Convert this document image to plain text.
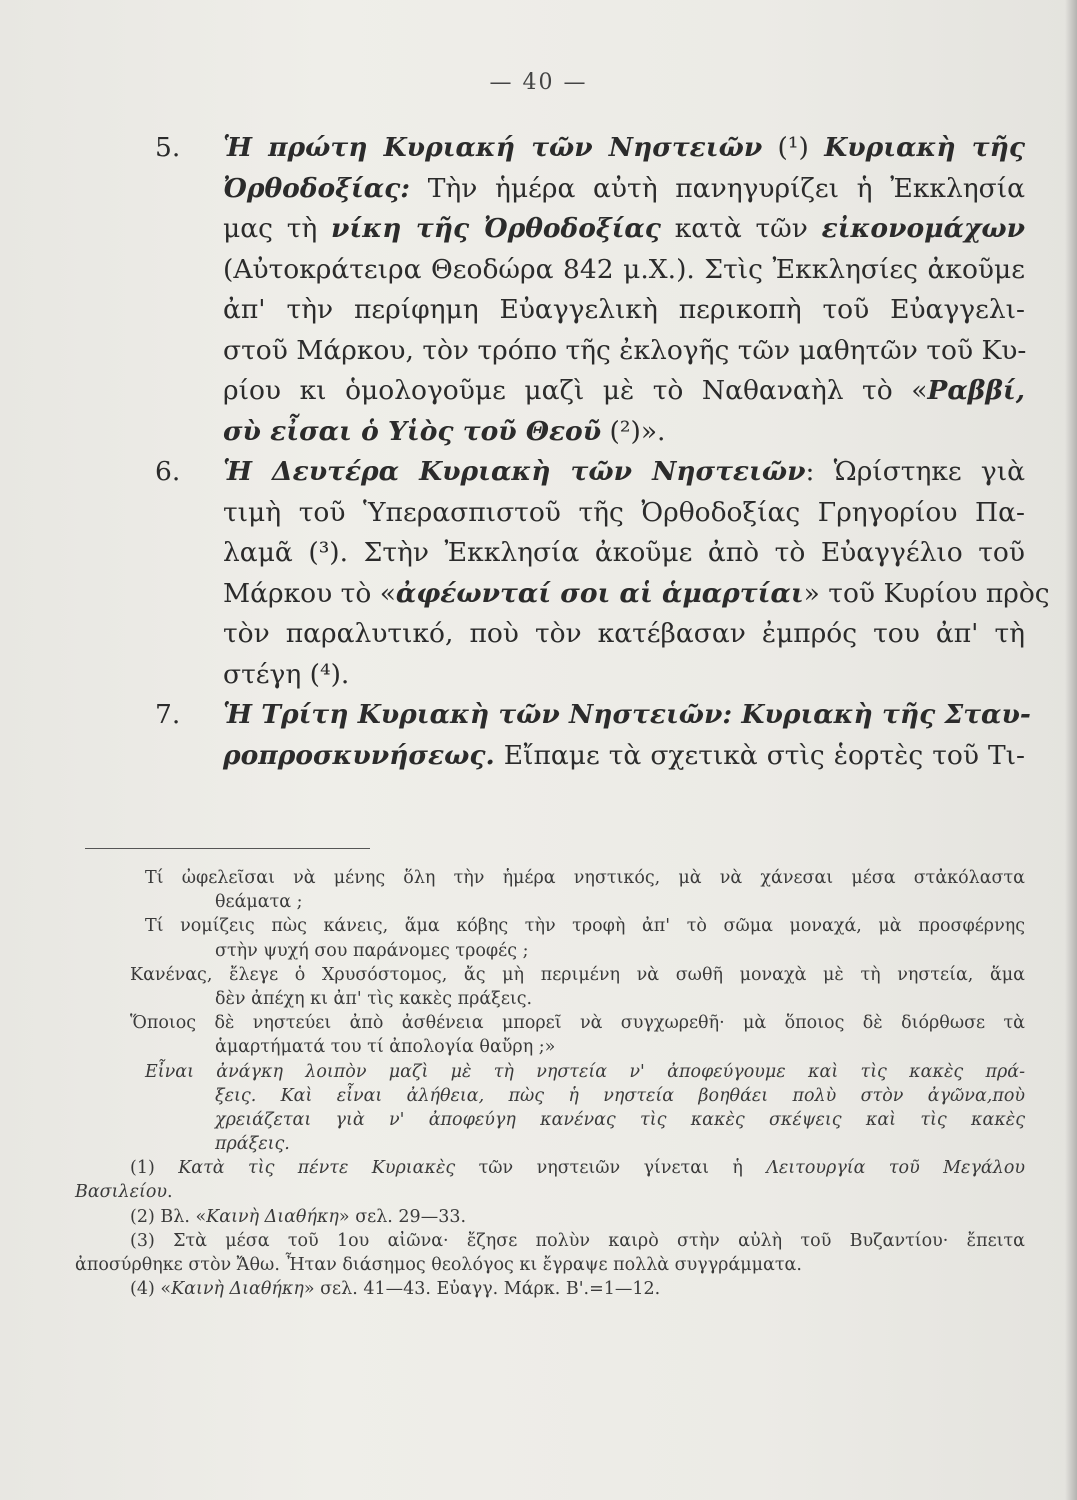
— 40 —
5.Ἡ πρώτη Κυριακή τῶν Νηστειῶν (¹) Κυριακὴ τῆς
Ὀρθοδοξίας: Τὴν ἡμέρα αὐτὴ πανηγυρίζει ἡ Ἐκκλησία
μας τὴ νίκη τῆς Ὀρθοδοξίας κατὰ τῶν εἰκονομάχων
(Αὐτοκράτειρα Θεοδώρα 842 μ.Χ.). Στὶς Ἐκκλησίες ἀκοῦμε
ἀπ' τὴν περίφημη Εὐαγγελικὴ περικοπὴ τοῦ Εὐαγγελι-
στοῦ Μάρκου, τὸν τρόπο τῆς ἐκλογῆς τῶν μαθητῶν τοῦ Κυ-
ρίου κι ὁμολογοῦμε μαζὶ μὲ τὸ Ναθαναὴλ τὸ «Ραββί,
σὺ εἶσαι ὁ Υἱὸς τοῦ Θεοῦ (²)».
6.Ἡ Δευτέρα Κυριακὴ τῶν Νηστειῶν: Ὡρίστηκε γιὰ
τιμὴ τοῦ Ὑπερασπιστοῦ τῆς Ὀρθοδοξίας Γρηγορίου Πα-
λαμᾶ (³). Στὴν Ἐκκλησία ἀκοῦμε ἀπὸ τὸ Εὐαγγέλιο τοῦ
Μάρκου τὸ «ἀφέωνταί σοι αἱ ἁμαρτίαι» τοῦ Κυρίου πρὸς
τὸν παραλυτικό, ποὺ τὸν κατέβασαν ἐμπρός του ἀπ' τὴ
στέγη (⁴).
7.Ἡ Τρίτη Κυριακὴ τῶν Νηστειῶν: Κυριακὴ τῆς Σταυ-
ροπροσκυνήσεως. Εἴπαμε τὰ σχετικὰ στὶς ἑορτὲς τοῦ Τι-
Τί ὠφελεῖσαι νὰ μένης ὅλη τὴν ἡμέρα νηστικός, μὰ νὰ χάνεσαι μέσα στἀκόλαστα
θεάματα ;
Τί νομίζεις πὼς κάνεις, ἅμα κόβης τὴν τροφὴ ἀπ' τὸ σῶμα μοναχά, μὰ προσφέρνης
στὴν ψυχή σου παράνομες τροφές ;
Κανένας, ἔλεγε ὁ Χρυσόστομος, ἄς μὴ περιμένη νὰ σωθῆ μοναχὰ μὲ τὴ νηστεία, ἅμα
δὲν ἀπέχη κι ἀπ' τὶς κακὲς πράξεις.
Ὅποιος δὲ νηστεύει ἀπὸ ἀσθένεια μπορεῖ νὰ συγχωρεθῆ· μὰ ὅποιος δὲ διόρθωσε τὰ
ἁμαρτήματά του τί ἀπολογία θαὔρη ;»
Εἶναι ἀνάγκη λοιπὸν μαζὶ μὲ τὴ νηστεία ν' ἀποφεύγουμε καὶ τὶς κακὲς πρά-
ξεις. Καὶ εἶναι ἀλήθεια, πὼς ἡ νηστεία βοηθάει πολὺ στὸν ἀγῶνα,ποὺ
χρειάζεται γιὰ ν' ἀποφεύγη κανένας τὶς κακὲς σκέψεις καὶ τὶς κακὲς
πράξεις.
(1) Κατὰ τὶς πέντε Κυριακὲς τῶν νηστειῶν γίνεται ἡ Λειτουργία τοῦ Μεγάλου
Βασιλείου.
(2) Βλ. «Καινὴ Διαθήκη» σελ. 29—33.
(3) Στὰ μέσα τοῦ 1ου αἰῶνα· ἔζησε πολὺν καιρὸ στὴν αὐλὴ τοῦ Βυζαντίου· ἔπειτα
ἀποσύρθηκε στὸν Ἄθω. Ἦταν διάσημος θεολόγος κι ἔγραψε πολλὰ συγγράμματα.
(4) «Καινὴ Διαθήκη» σελ. 41—43. Εὐαγγ. Μάρκ. Β'.=1—12.
